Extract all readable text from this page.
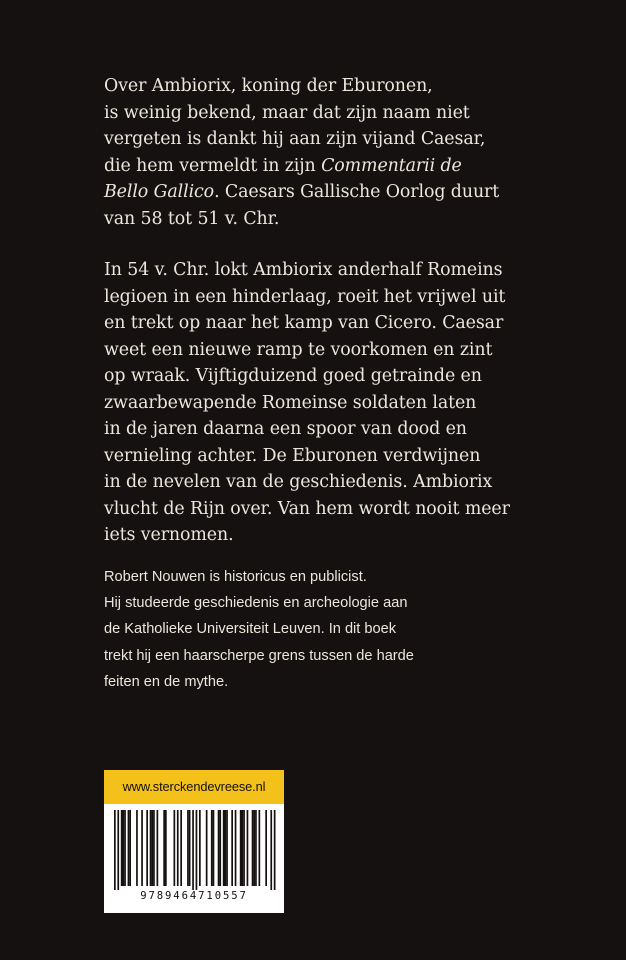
Over Ambiorix, koning der Eburonen,
is weinig bekend, maar dat zijn naam niet
vergeten is dankt hij aan zijn vijand Caesar,
die hem vermeldt in zijn Commentarii de
Bello Gallico. Caesars Gallische Oorlog duurt
van 58 tot 51 v. Chr.
In 54 v. Chr. lokt Ambiorix anderhalf Romeins
legioen in een hinderlaag, roeit het vrijwel uit
en trekt op naar het kamp van Cicero. Caesar
weet een nieuwe ramp te voorkomen en zint
op wraak. Vijftigduizend goed getrainde en
zwaarbewapende Romeinse soldaten laten
in de jaren daarna een spoor van dood en
vernieling achter. De Eburonen verdwijnen
in de nevelen van de geschiedenis. Ambiorix
vlucht de Rijn over. Van hem wordt nooit meer
iets vernomen.
Robert Nouwen is historicus en publicist.
Hij studeerde geschiedenis en archeologie aan
de Katholieke Universiteit Leuven. In dit boek
trekt hij een haarscherpe grens tussen de harde
feiten en de mythe.
www.sterckendevreese.nl
9789464710557
